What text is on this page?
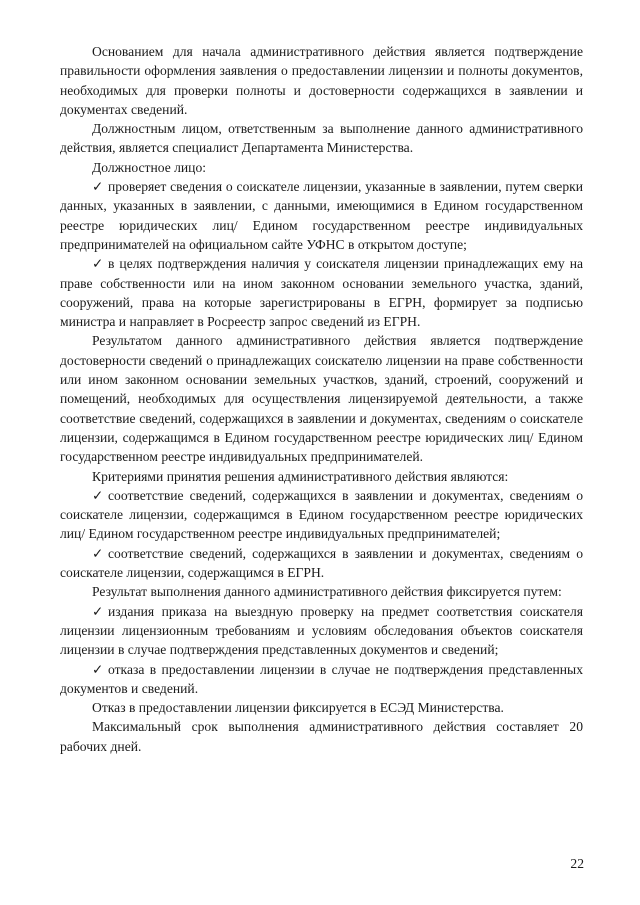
Основанием для начала административного действия является подтверждение правильности оформления заявления о предоставлении лицензии и полноты документов, необходимых для проверки полноты и достоверности содержащихся в заявлении и документах сведений.

Должностным лицом, ответственным за выполнение данного административного действия, является специалист Департамента Министерства.

Должностное лицо:

✓ проверяет сведения о соискателе лицензии, указанные в заявлении, путем сверки данных, указанных в заявлении, с данными, имеющимися в Едином государственном реестре юридических лиц/ Едином государственном реестре индивидуальных предпринимателей на официальном сайте УФНС в открытом доступе;

✓ в целях подтверждения наличия у соискателя лицензии принадлежащих ему на праве собственности или на ином законном основании земельного участка, зданий, сооружений, права на которые зарегистрированы в ЕГРН, формирует за подписью министра и направляет в Росреестр запрос сведений из ЕГРН.

Результатом данного административного действия является подтверждение достоверности сведений о принадлежащих соискателю лицензии на праве собственности или ином законном основании земельных участков, зданий, строений, сооружений и помещений, необходимых для осуществления лицензируемой деятельности, а также соответствие сведений, содержащихся в заявлении и документах, сведениям о соискателе лицензии, содержащимся в Едином государственном реестре юридических лиц/ Едином государственном реестре индивидуальных предпринимателей.

Критериями принятия решения административного действия являются:

✓ соответствие сведений, содержащихся в заявлении и документах, сведениям о соискателе лицензии, содержащимся в Едином государственном реестре юридических лиц/ Едином государственном реестре индивидуальных предпринимателей;

✓ соответствие сведений, содержащихся в заявлении и документах, сведениям о соискателе лицензии, содержащимся в ЕГРН.

Результат выполнения данного административного действия фиксируется путем:

✓ издания приказа на выездную проверку на предмет соответствия соискателя лицензии лицензионным требованиям и условиям обследования объектов соискателя лицензии в случае подтверждения представленных документов и сведений;

✓ отказа в предоставлении лицензии в случае не подтверждения представленных документов и сведений.

Отказ в предоставлении лицензии фиксируется в ЕСЭД Министерства.

Максимальный срок выполнения административного действия составляет 20 рабочих дней.

22
